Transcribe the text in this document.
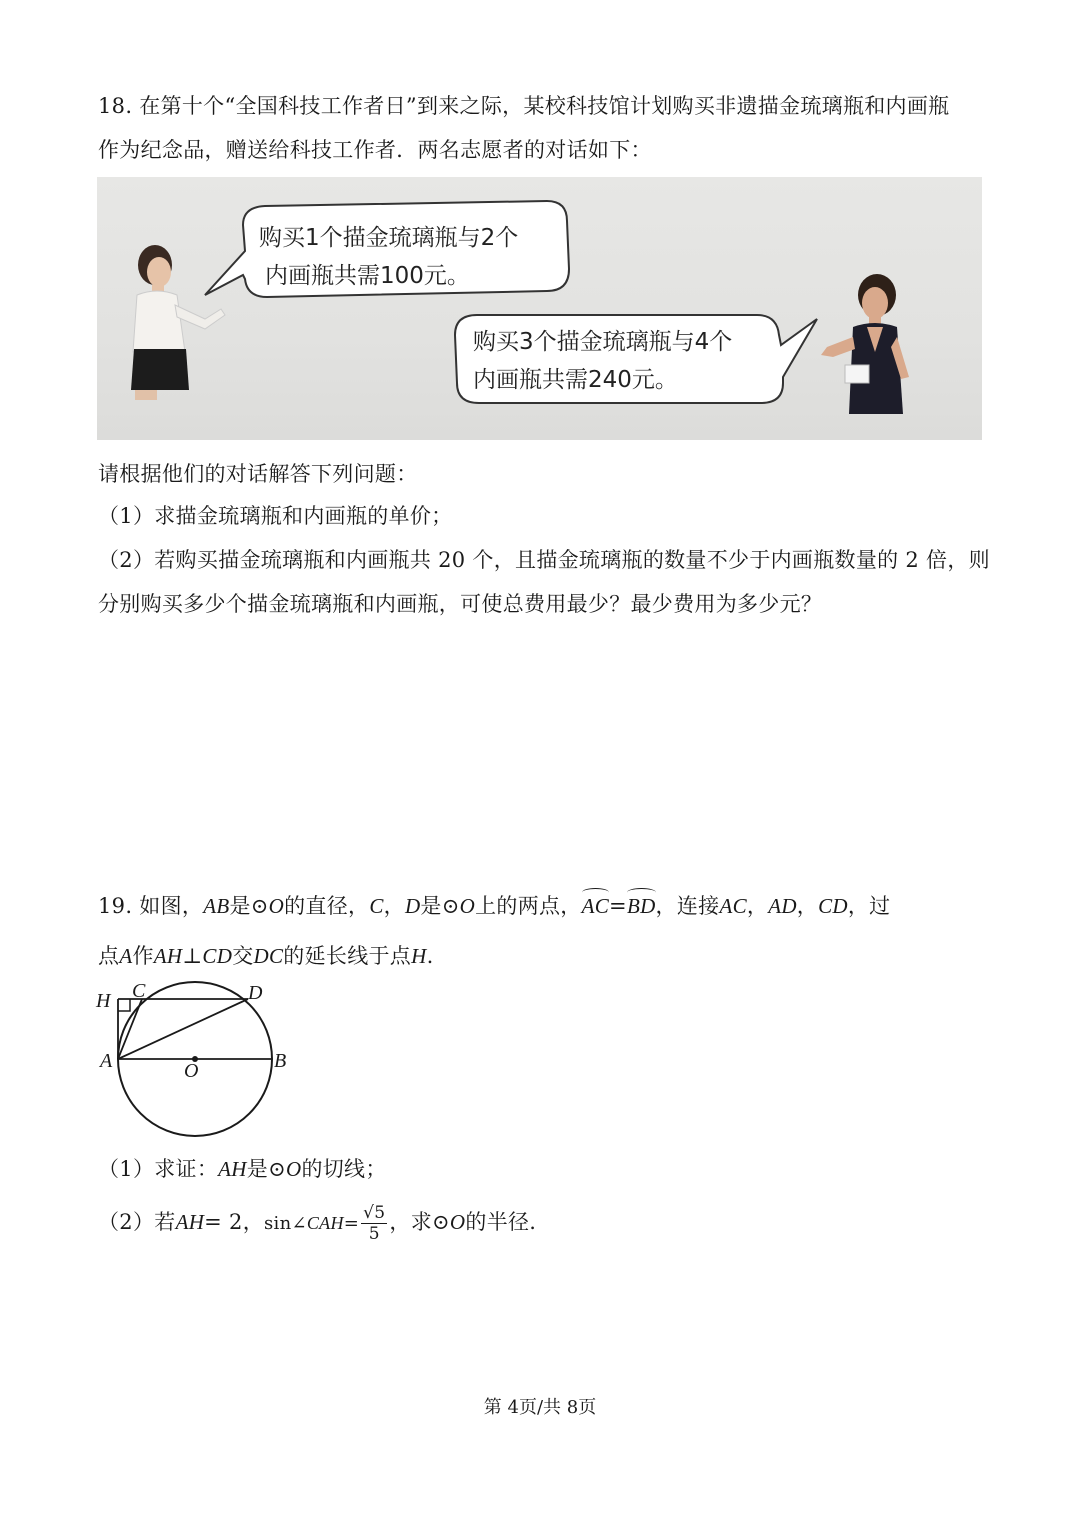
18. 在第十个“全国科技工作者日”到来之际，某校科技馆计划购买非遗描金琉璃瓶和内画瓶
作为纪念品，赠送给科技工作者．两名志愿者的对话如下：
购买1个描金琉璃瓶与2个
内画瓶共需100元。
购买3个描金琉璃瓶与4个
内画瓶共需240元。
请根据他们的对话解答下列问题：
（1）求描金琉璃瓶和内画瓶的单价；
（2）若购买描金琉璃瓶和内画瓶共 20 个，且描金琉璃瓶的数量不少于内画瓶数量的 2 倍，则
分别购买多少个描金琉璃瓶和内画瓶，可使总费用最少？最少费用为多少元？
19. 如图，AB是⊙O的直径，C，D是⊙O上的两点，
AC=
BD，连接AC，AD，CD，过
点A作AH⊥CD交DC的延长线于点H.
H C	D
A	O	B
（1）求证：AH是⊙O的切线；
（2）若AH= 2，sin∠CAH= $\frac{√5}{5}$ ，求⊙O的半径.
第 4页/共 8页
